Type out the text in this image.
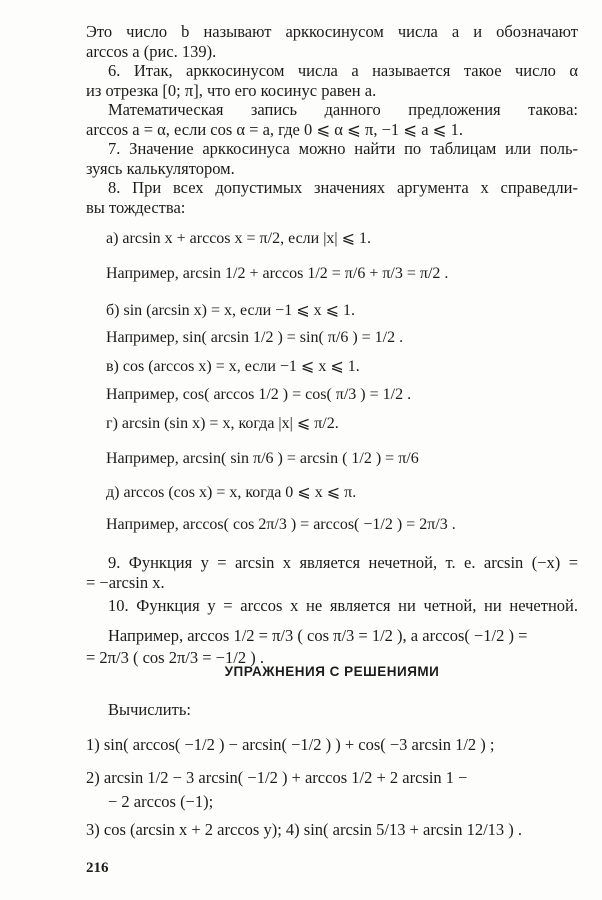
Это число b называют арккосинусом числа a и обозначают
arccos a (рис. 139).
6. Итак, арккосинусом числа a называется такое число α
из отрезка [0; π], что его косинус равен a.
Математическая запись данного предложения таковa:
arccos a = α, если cos α = a, где 0 ⩽ α ⩽ π, −1 ⩽ a ⩽ 1.
7. Значение арккосинуса можно найти по таблицам или поль-
зуясь калькулятором.
8. При всех допустимых значениях аргумента x справедли-
вы тождества:
а) arcsin x + arccos x = π/2, если |x| ⩽ 1.
Например, arcsin 1/2 + arccos 1/2 = π/6 + π/3 = π/2 .
б) sin (arcsin x) = x, если −1 ⩽ x ⩽ 1.
Например, sin( arcsin 1/2 ) = sin( π/6 ) = 1/2 .
в) cos (arccos x) = x, если −1 ⩽ x ⩽ 1.
Например, cos( arccos 1/2 ) = cos( π/3 ) = 1/2 .
г) arcsin (sin x) = x, когда |x| ⩽ π/2.
Например, arcsin( sin π/6 ) = arcsin ( 1/2 ) = π/6
д) arccos (cos x) = x, когда 0 ⩽ x ⩽ π.
Например, arccos( cos 2π/3 ) = arccos( −1/2 ) = 2π/3 .
9. Функция y = arcsin x является нечетной, т. е. arcsin (−x) =
= −arcsin x.
10. Функция y = arccos x не является ни четной, ни нечетной.
Например, arccos 1/2 = π/3 ( cos π/3 = 1/2 ), а arccos( −1/2 ) =
= 2π/3 ( cos 2π/3 = −1/2 ) .
УПРАЖНЕНИЯ С РЕШЕНИЯМИ
Вычислить:
1) sin( arccos( −1/2 ) − arcsin( −1/2 ) ) + cos( −3 arcsin 1/2 ) ;
2) arcsin 1/2 − 3 arcsin( −1/2 ) + arccos 1/2 + 2 arcsin 1 −
− 2 arccos (−1);
3) cos (arcsin x + 2 arccos y); 4) sin( arcsin 5/13 + arcsin 12/13 ) .
216
